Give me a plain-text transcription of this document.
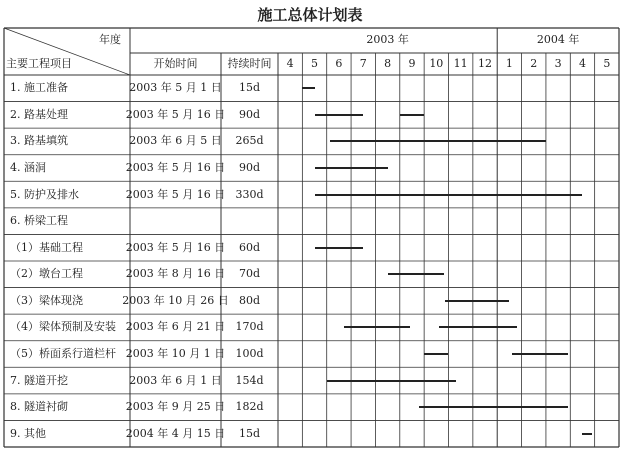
施工总体计划表
年度
主要工程项目	开始时间	持续时间
2003 年	2004 年
4 5 6 7 8 9 10 11 12 1 2 3 4 5
1. 施工准备	2003 年 5 月 1 日 15d
2. 路基处理	2003 年 5 月 16 日 90d
3. 路基填筑	2003 年 6 月 5 日 265d
4. 涵洞	2003 年 5 月 16 日 90d
5. 防护及排水	2003 年 5 月 16 日 330d
6. 桥梁工程
（1）基础工程	2003 年 5 月 16 日 60d
（2）墩台工程	2003 年 8 月 16 日 70d
（3）梁体现浇	2003 年 10 月 26 日 80d
（4）梁体预制及安装 2003 年 6 月 21 日 170d
（5）桥面系行道栏杆 2003 年 10 月 1 日 100d
7. 隧道开挖	2003 年 6 月 1 日 154d
8. 隧道衬砌	2003 年 9 月 25 日 182d
9. 其他	2004 年 4 月 15 日 15d
